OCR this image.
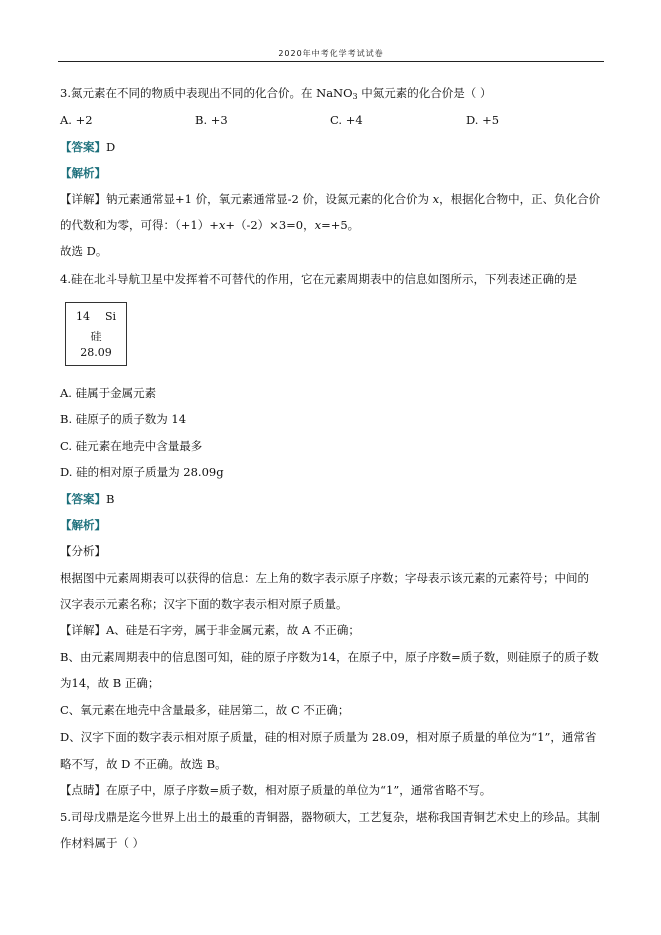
2020年中考化学考试试卷
3.氮元素在不同的物质中表现出不同的化合价。在 NaNO$_3$ 中氮元素的化合价是（ ）
A. +2	B. +3	C. +4	D. +5
【答案】D
【解析】
【详解】钠元素通常显+1 价，氧元素通常显-2 价，设氮元素的化合价为 x，根据化合物中，正、负化合价
的代数和为零，可得：（+1）+x+（-2）×3=0，x=+5。
故选 D。
4.硅在北斗导航卫星中发挥着不可替代的作用，它在元素周期表中的信息如图所示，下列表述正确的是
14 Si
硅
28.09
A. 硅属于金属元素
B. 硅原子的质子数为 14
C. 硅元素在地壳中含量最多
D. 硅的相对原子质量为 28.09g
【答案】B
【解析】
【分析】
根据图中元素周期表可以获得的信息：左上角的数字表示原子序数；字母表示该元素的元素符号；中间的
汉字表示元素名称；汉字下面的数字表示相对原子质量。
【详解】A、硅是石字旁，属于非金属元素，故 A 不正确；
B、由元素周期表中的信息图可知，硅的原子序数为14，在原子中，原子序数=质子数，则硅原子的质子数
为14，故 B 正确；
C、氧元素在地壳中含量最多，硅居第二，故 C 不正确；
D、汉字下面的数字表示相对原子质量，硅的相对原子质量为 28.09，相对原子质量的单位为“1”，通常省
略不写，故 D 不正确。故选 B。
【点睛】在原子中，原子序数=质子数，相对原子质量的单位为“1”，通常省略不写。
5.司母戊鼎是迄今世界上出土的最重的青铜器，器物硕大，工艺复杂，堪称我国青铜艺术史上的珍品。其制
作材料属于（ ）
